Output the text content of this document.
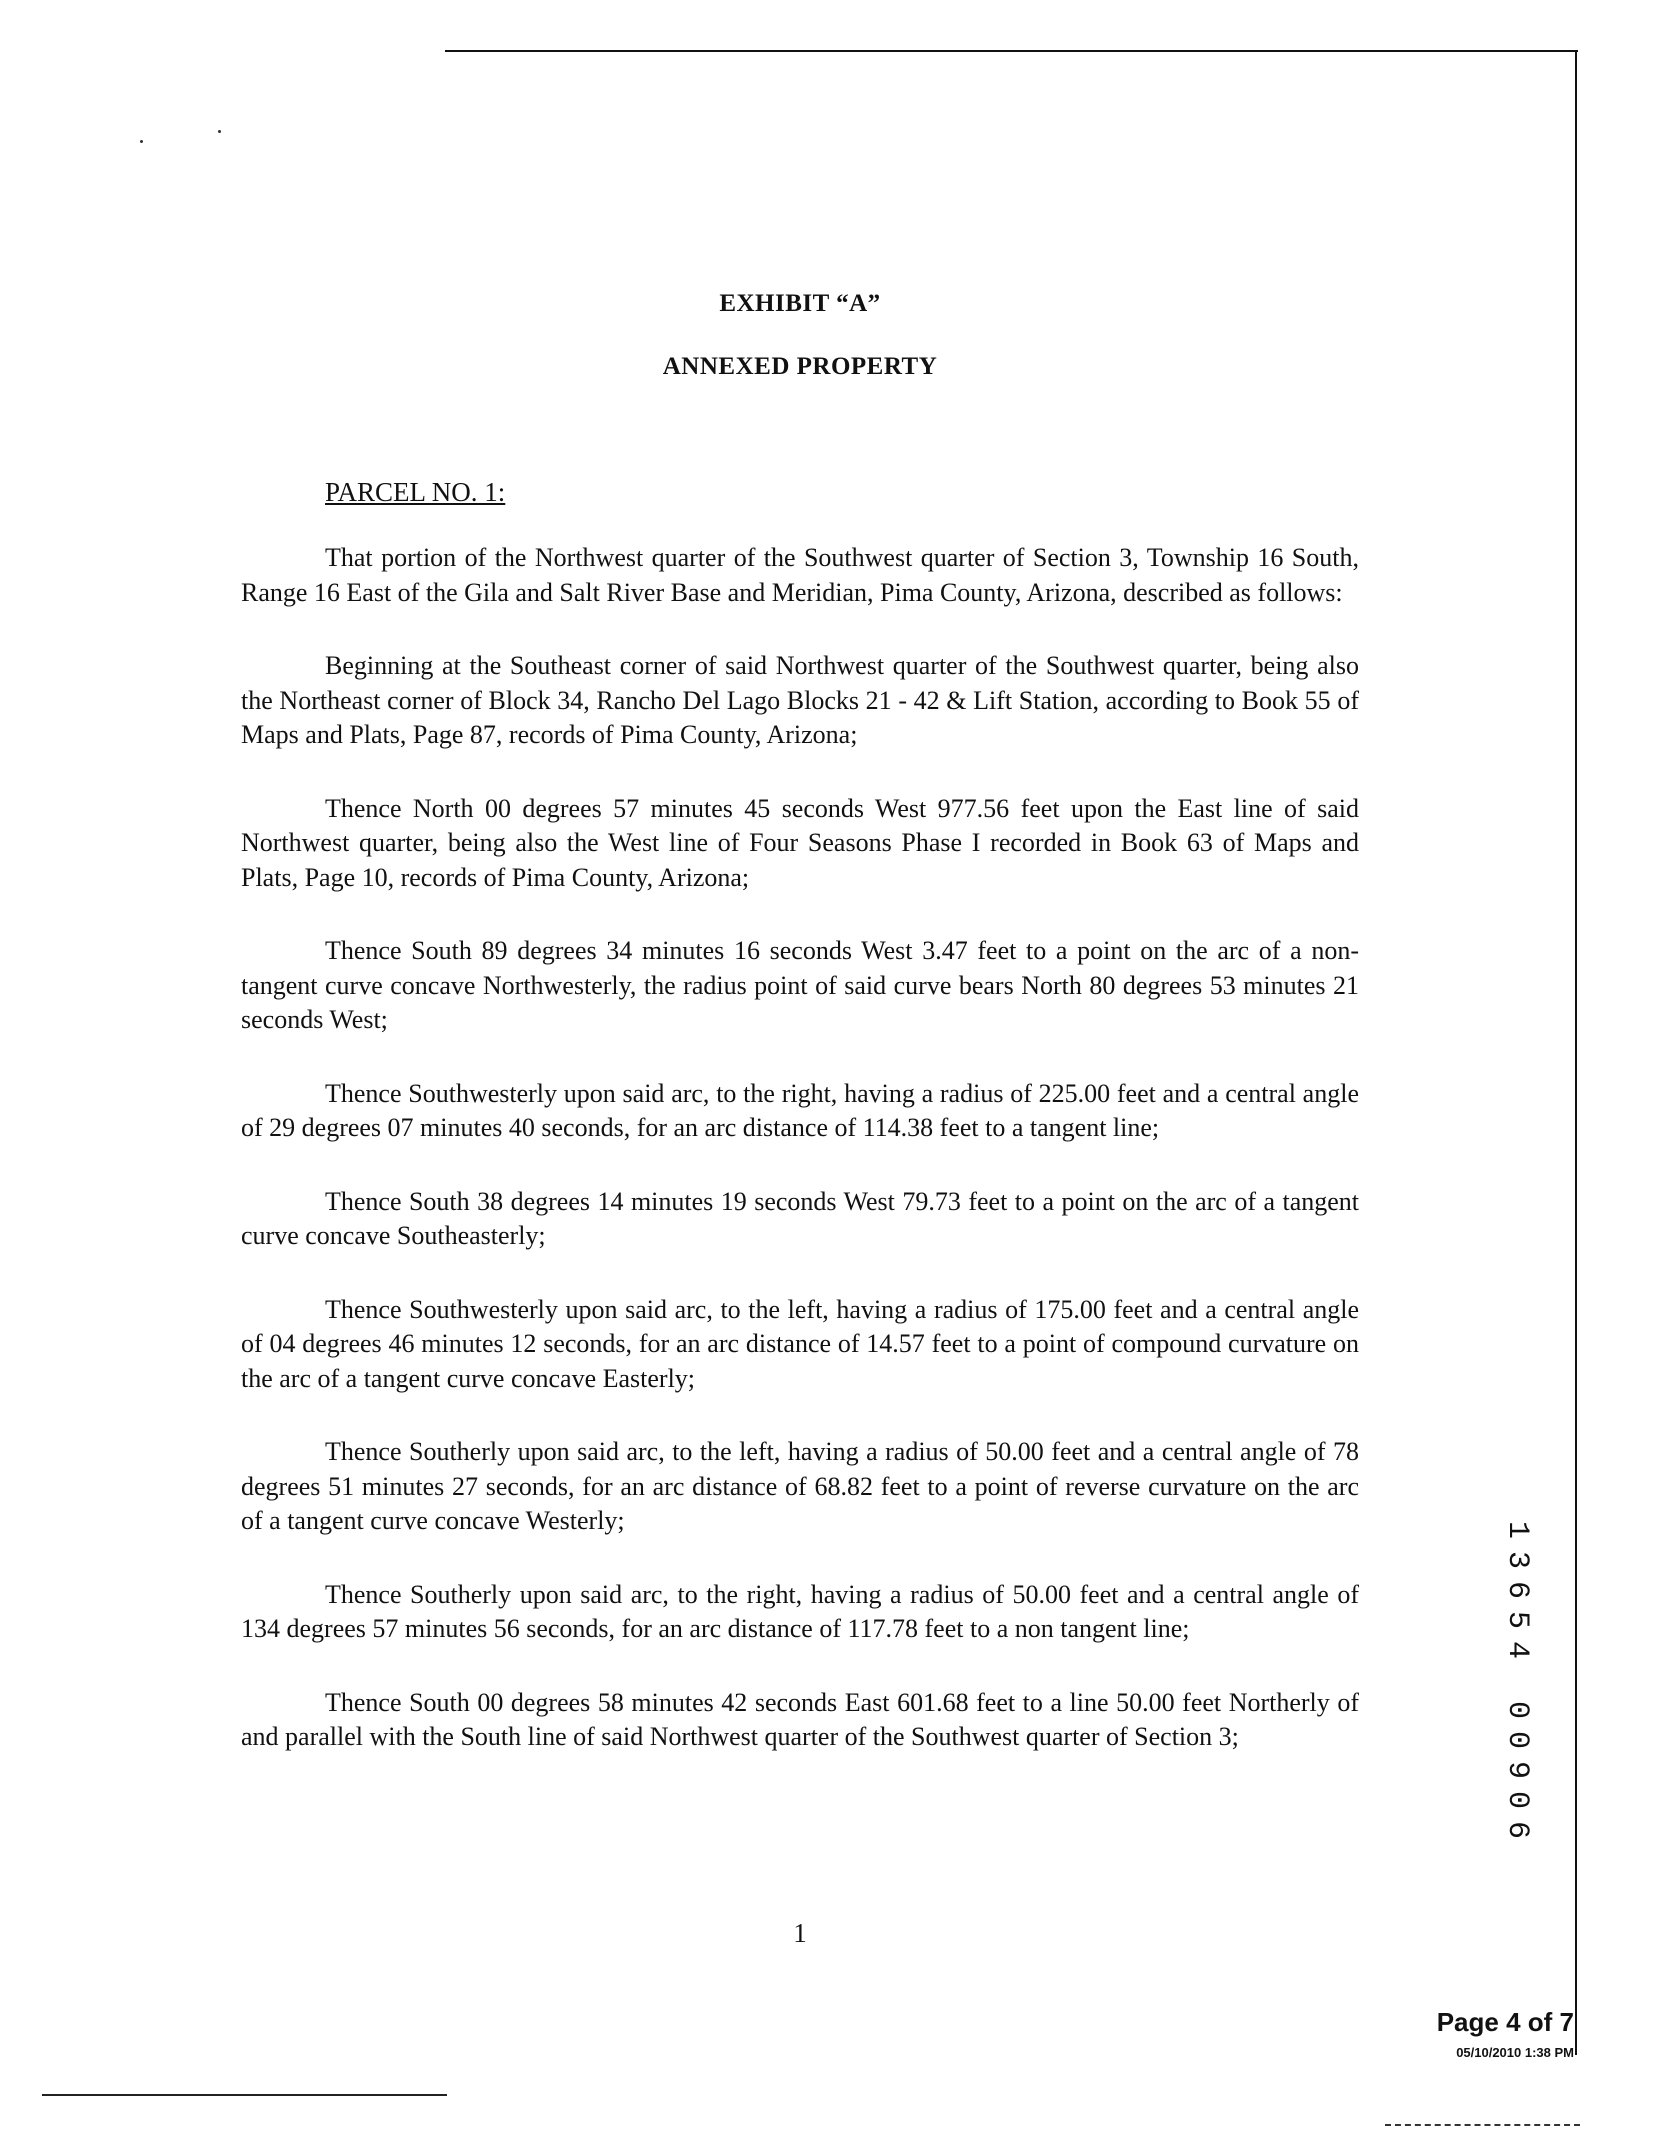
EXHIBIT “A”
ANNEXED PROPERTY
PARCEL NO. 1:

That portion of the Northwest quarter of the Southwest quarter of Section 3, Township 16 South, Range 16 East of the Gila and Salt River Base and Meridian, Pima County, Arizona, described as follows:

Beginning at the Southeast corner of said Northwest quarter of the Southwest quarter, being also the Northeast corner of Block 34, Rancho Del Lago Blocks 21 - 42 & Lift Station, according to Book 55 of Maps and Plats, Page 87, records of Pima County, Arizona;

Thence North 00 degrees 57 minutes 45 seconds West 977.56 feet upon the East line of said Northwest quarter, being also the West line of Four Seasons Phase I recorded in Book 63 of Maps and Plats, Page 10, records of Pima County, Arizona;

Thence South 89 degrees 34 minutes 16 seconds West 3.47 feet to a point on the arc of a non-tangent curve concave Northwesterly, the radius point of said curve bears North 80 degrees 53 minutes 21 seconds West;

Thence Southwesterly upon said arc, to the right, having a radius of 225.00 feet and a central angle of 29 degrees 07 minutes 40 seconds, for an arc distance of 114.38 feet to a tangent line;

Thence South 38 degrees 14 minutes 19 seconds West 79.73 feet to a point on the arc of a tangent curve concave Southeasterly;

Thence Southwesterly upon said arc, to the left, having a radius of 175.00 feet and a central angle of 04 degrees 46 minutes 12 seconds, for an arc distance of 14.57 feet to a point of compound curvature on the arc of a tangent curve concave Easterly;

Thence Southerly upon said arc, to the left, having a radius of 50.00 feet and a central angle of 78 degrees 51 minutes 27 seconds, for an arc distance of 68.82 feet to a point of reverse curvature on the arc of a tangent curve concave Westerly;

Thence Southerly upon said arc, to the right, having a radius of 50.00 feet and a central angle of 134 degrees 57 minutes 56 seconds, for an arc distance of 117.78 feet to a non tangent line;

Thence South 00 degrees 58 minutes 42 seconds East 601.68 feet to a line 50.00 feet Northerly of and parallel with the South line of said Northwest quarter of the Southwest quarter of Section 3;

1
3
6
5
4

0
0
9
0
6
1
Page 4 of 7
05/10/2010 1:38 PM
